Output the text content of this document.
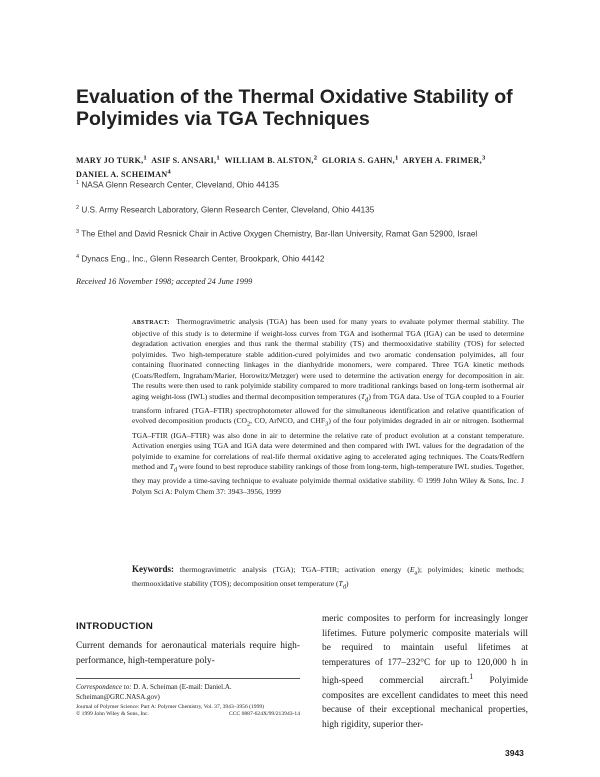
Evaluation of the Thermal Oxidative Stability of Polyimides via TGA Techniques
MARY JO TURK,$^1$ ASIF S. ANSARI,$^1$ WILLIAM B. ALSTON,$^2$ GLORIA S. GAHN,$^1$ ARYEH A. FRIMER,$^3$
DANIEL A. SCHEIMAN$^4$

$^1$ NASA Glenn Research Center, Cleveland, Ohio 44135

$^2$ U.S. Army Research Laboratory, Glenn Research Center, Cleveland, Ohio 44135

$^3$ The Ethel and David Resnick Chair in Active Oxygen Chemistry, Bar-Ilan University, Ramat Gan 52900, Israel

$^4$ Dynacs Eng., Inc., Glenn Research Center, Brookpark, Ohio 44142

Received 16 November 1998; accepted 24 June 1999

ABSTRACT: Thermogravimetric analysis (TGA) has been used for many years to evaluate polymer thermal stability. The objective of this study is to determine if weight-loss curves from TGA and isothermal TGA (IGA) can be used to determine degradation activation energies and thus rank the thermal stability (TS) and thermooxidative stability (TOS) for selected polyimides. Two high-temperature stable addition-cured polyimides and two aromatic condensation polyimides, all four containing fluorinated connecting linkages in the dianhydride monomers, were compared. Three TGA kinetic methods (Coats/Redfern, Ingraham/Marier, Horowitz/Metzger) were used to determine the activation energy for decomposition in air. The results were then used to rank polyimide stability compared to more traditional rankings based on long-term isothermal air aging weight-loss (IWL) studies and thermal decomposition temperatures $(T_d)$ from TGA data. Use of TGA coupled to a Fourier transform infrared (TGA–FTIR) spectrophotometer allowed for the simultaneous identification and relative quantification of evolved decomposition products ($CO_2$, CO, ArNCO, and $CHF_3$) of the four polyimides degraded in air or nitrogen. Isothermal TGA–FTIR (IGA–FTIR) was also done in air to determine the relative rate of product evolution at a constant temperature. Activation energies using TGA and IGA data were determined and then compared with IWL values for the degradation of the polyimide to examine for correlations of real-life thermal oxidative aging to accelerated aging techniques. The Coats/Redfern method and $T_d$ were found to best reproduce stability rankings of those from long-term, high-temperature IWL studies. Together, they may provide a time-saving technique to evaluate polyimide thermal oxidative stability. © 1999 John Wiley & Sons, Inc. J Polym Sci A: Polym Chem 37: 3943–3956, 1999

Keywords: thermogravimetric analysis (TGA); TGA–FTIR; activation energy $(E_a)$; polyimides; kinetic methods; thermooxidative stability (TOS); decomposition onset temperature $(T_d)$
INTRODUCTION

Current demands for aeronautical materials require high-performance, high-temperature poly-

meric composites to perform for increasingly longer lifetimes. Future polymeric composite materials will be required to maintain useful lifetimes at temperatures of 177–232°C for up to 120,000 h in high-speed commercial aircraft.$^1$ Polyimide composites are excellent candidates to meet this need because of their exceptional mechanical properties, high rigidity, superior ther-

Correspondence to: D. A. Scheiman (E-mail: Daniel.A. Scheiman@GRC.NASA.gov)

Journal of Polymer Science: Part A: Polymer Chemistry, Vol. 37, 3943–3956 (1999)
© 1999 John Wiley & Sons, Inc.	CCC 0887-624X/99/213943-14
3943
